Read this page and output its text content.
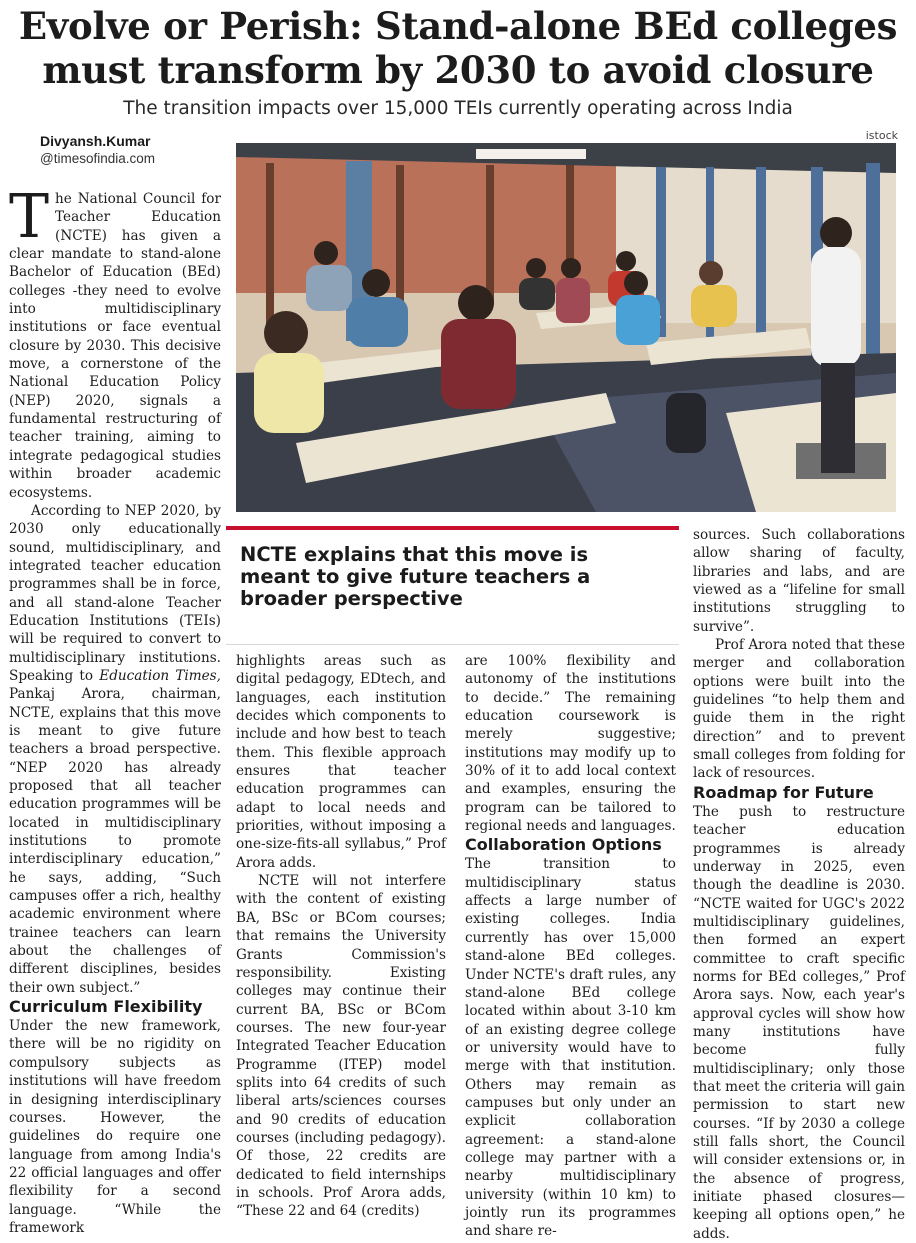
Evolve or Perish: Stand-alone BEd colleges
must transform by 2030 to avoid closure
The transition impacts over 15,000 TEIs currently operating across India
istock
Divyansh.Kumar
@timesofindia.com

The National Council for Teacher Education (NCTE) has given a clear mandate to stand-alone Bachelor of Education (BEd) colleges -they need to evolve into multidisciplinary institutions or face eventual closure by 2030. This decisive move, a cornerstone of the National Education Policy (NEP) 2020, signals a fundamental restructuring of teacher training, aiming to integrate pedagogical studies within broader academic ecosystems.

According to NEP 2020, by 2030 only educationally sound, multidisciplinary, and integrated teacher education programmes shall be in force, and all stand-alone Teacher Education Institutions (TEIs) will be required to convert to multidisciplinary institutions. Speaking to Education Times, Pankaj Arora, chairman, NCTE, explains that this move is meant to give future teachers a broad perspective. “NEP 2020 has already proposed that all teacher education programmes will be located in multidisciplinary institutions to promote interdisciplinary education,” he says, adding, “Such campuses offer a rich, healthy academic environment where trainee teachers can learn about the challenges of different disciplines, besides their own subject.”

Curriculum Flexibility

Under the new framework, there will be no rigidity on compulsory subjects as institutions will have freedom in designing interdisciplinary courses. However, the guidelines do require one language from among India's 22 official languages and offer flexibility for a second language. “While the framework

NCTE explains that this move is meant to give future teachers a broader perspective

highlights areas such as digital pedagogy, EDtech, and languages, each institution decides which components to include and how best to teach them. This flexible approach ensures that teacher education programmes can adapt to local needs and priorities, without imposing a one-size-fits-all syllabus,” Prof Arora adds.

NCTE will not interfere with the content of existing BA, BSc or BCom courses; that remains the University Grants Commission's responsibility. Existing colleges may continue their current BA, BSc or BCom courses. The new four-year Integrated Teacher Education Programme (ITEP) model splits into 64 credits of such liberal arts/sciences courses and 90 credits of education courses (including pedagogy). Of those, 22 credits are dedicated to field internships in schools. Prof Arora adds, “These 22 and 64 (credits)

are 100% flexibility and autonomy of the institutions to decide.” The remaining education coursework is merely suggestive; institutions may modify up to 30% of it to add local context and examples, ensuring the program can be tailored to regional needs and languages.

Collaboration Options

The transition to multidisciplinary status affects a large number of existing colleges. India currently has over 15,000 stand-alone BEd colleges. Under NCTE's draft rules, any stand-alone BEd college located within about 3-10 km of an existing degree college or university would have to merge with that institution. Others may remain as campuses but only under an explicit collaboration agreement: a stand-alone college may partner with a nearby multidisciplinary university (within 10 km) to jointly run its programmes and share re-

sources. Such collaborations allow sharing of faculty, libraries and labs, and are viewed as a “lifeline for small institutions struggling to survive”.

Prof Arora noted that these merger and collaboration options were built into the guidelines “to help them and guide them in the right direction” and to prevent small colleges from folding for lack of resources.

Roadmap for Future

The push to restructure teacher education programmes is already underway in 2025, even though the deadline is 2030. “NCTE waited for UGC's 2022 multidisciplinary guidelines, then formed an expert committee to craft specific norms for BEd colleges,” Prof Arora says. Now, each year's approval cycles will show how many institutions have become fully multidisciplinary; only those that meet the criteria will gain permission to start new courses. “If by 2030 a college still falls short, the Council will consider extensions or, in the absence of progress, initiate phased closures—keeping all options open,” he adds.
